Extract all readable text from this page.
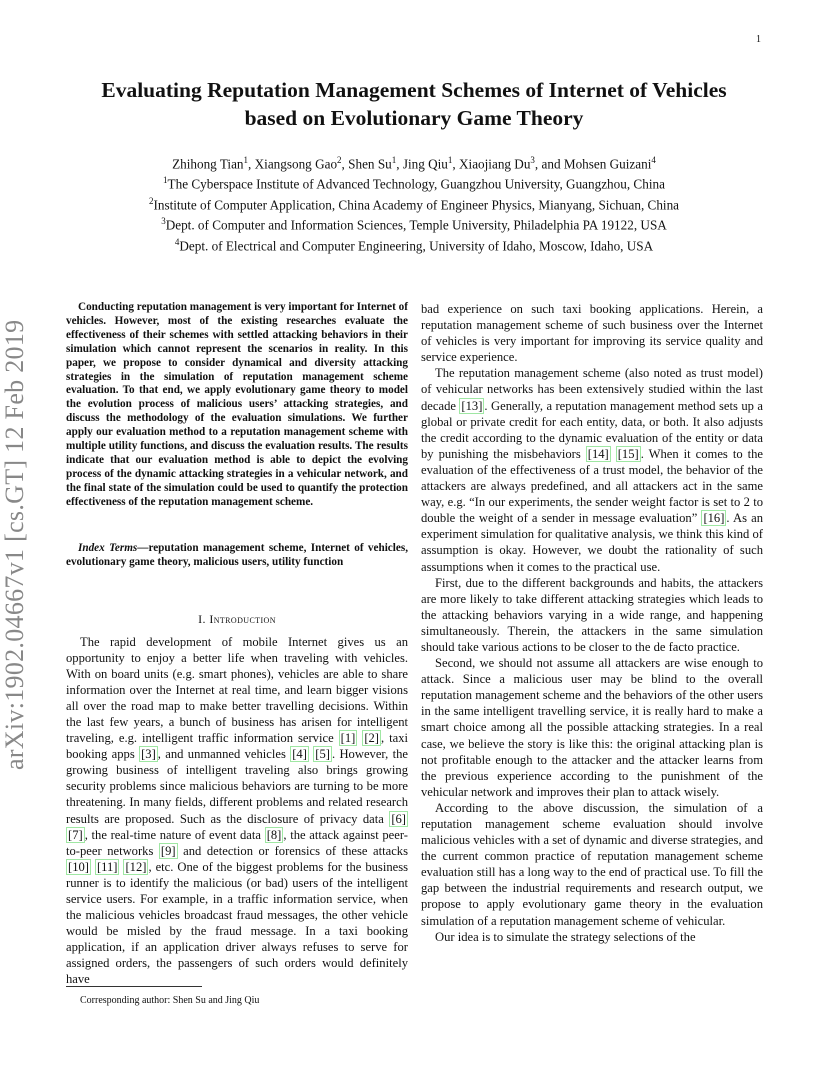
1
arXiv:1902.04667v1 [cs.GT] 12 Feb 2019
Evaluating Reputation Management Schemes of Internet of Vehicles
based on Evolutionary Game Theory
Zhihong Tian$^1$, Xiangsong Gao$^2$, Shen Su$^1$, Jing Qiu$^1$, Xiaojiang Du$^3$, and Mohsen Guizani$^4$
$^1$The Cyberspace Institute of Advanced Technology, Guangzhou University, Guangzhou, China
$^2$Institute of Computer Application, China Academy of Engineer Physics, Mianyang, Sichuan, China
$^3$Dept. of Computer and Information Sciences, Temple University, Philadelphia PA 19122, USA
$^4$Dept. of Electrical and Computer Engineering, University of Idaho, Moscow, Idaho, USA

Conducting reputation management is very important for Internet of vehicles. However, most of the existing researches evaluate the effectiveness of their schemes with settled attacking behaviors in their simulation which cannot represent the scenarios in reality. In this paper, we propose to consider dynamical and diversity attacking strategies in the simulation of reputation management scheme evaluation. To that end, we apply evolutionary game theory to model the evolution process of malicious users’ attacking strategies, and discuss the methodology of the evaluation simulations. We further apply our evaluation method to a reputation management scheme with multiple utility functions, and discuss the evaluation results. The results indicate that our evaluation method is able to depict the evolving process of the dynamic attacking strategies in a vehicular network, and the final state of the simulation could be used to quantify the protection effectiveness of the reputation management scheme.

Index Terms—reputation management scheme, Internet of vehicles, evolutionary game theory, malicious users, utility function

I. Introduction

The rapid development of mobile Internet gives us an opportunity to enjoy a better life when traveling with vehicles. With on board units (e.g. smart phones), vehicles are able to share information over the Internet at real time, and learn bigger visions all over the road map to make better travelling decisions. Within the last few years, a bunch of business has arisen for intelligent traveling, e.g. intelligent traffic information service [1] [2] , taxi booking apps [3] , and unmanned vehicles [4] [5] . However, the growing business of intelligent traveling also brings growing security problems since malicious behaviors are turning to be more threatening. In many fields, different problems and related research results are proposed. Such as the disclosure of privacy data [6] [7] , the real-time nature of event data [8] , the attack against peer-to-peer networks [9] and detection or forensics of these attacks [10] [11] [12] , etc. One of the biggest problems for the business runner is to identify the malicious (or bad) users of the intelligent service users. For example, in a traffic information service, when the malicious vehicles broadcast fraud messages, the other vehicle would be misled by the fraud message. In a taxi booking application, if an application driver always refuses to serve for assigned orders, the passengers of such orders would definitely have

bad experience on such taxi booking applications. Herein, a reputation management scheme of such business over the Internet of vehicles is very important for improving its service quality and service experience.

The reputation management scheme (also noted as trust model) of vehicular networks has been extensively studied within the last decade [13] . Generally, a reputation management method sets up a global or private credit for each entity, data, or both. It also adjusts the credit according to the dynamic evaluation of the entity or data by punishing the misbehaviors [14] [15] . When it comes to the evaluation of the effectiveness of a trust model, the behavior of the attackers are always predefined, and all attackers act in the same way, e.g. “In our experiments, the sender weight factor is set to 2 to double the weight of a sender in message evaluation” [16] . As an experiment simulation for qualitative analysis, we think this kind of assumption is okay. However, we doubt the rationality of such assumptions when it comes to the practical use.

First, due to the different backgrounds and habits, the attackers are more likely to take different attacking strategies which leads to the attacking behaviors varying in a wide range, and happening simultaneously. Therein, the attackers in the same simulation should take various actions to be closer to the de facto practice.

Second, we should not assume all attackers are wise enough to attack. Since a malicious user may be blind to the overall reputation management scheme and the behaviors of the other users in the same intelligent travelling service, it is really hard to make a smart choice among all the possible attacking strategies. In a real case, we believe the story is like this: the original attacking plan is not profitable enough to the attacker and the attacker learns from the previous experience according to the punishment of the vehicular network and improves their plan to attack wisely.

According to the above discussion, the simulation of a reputation management scheme evaluation should involve malicious vehicles with a set of dynamic and diverse strategies, and the current common practice of reputation management scheme evaluation still has a long way to the end of practical use. To fill the gap between the industrial requirements and research output, we propose to apply evolutionary game theory in the evaluation simulation of a reputation management scheme of vehicular.

Our idea is to simulate the strategy selections of the

Corresponding author: Shen Su and Jing Qiu
